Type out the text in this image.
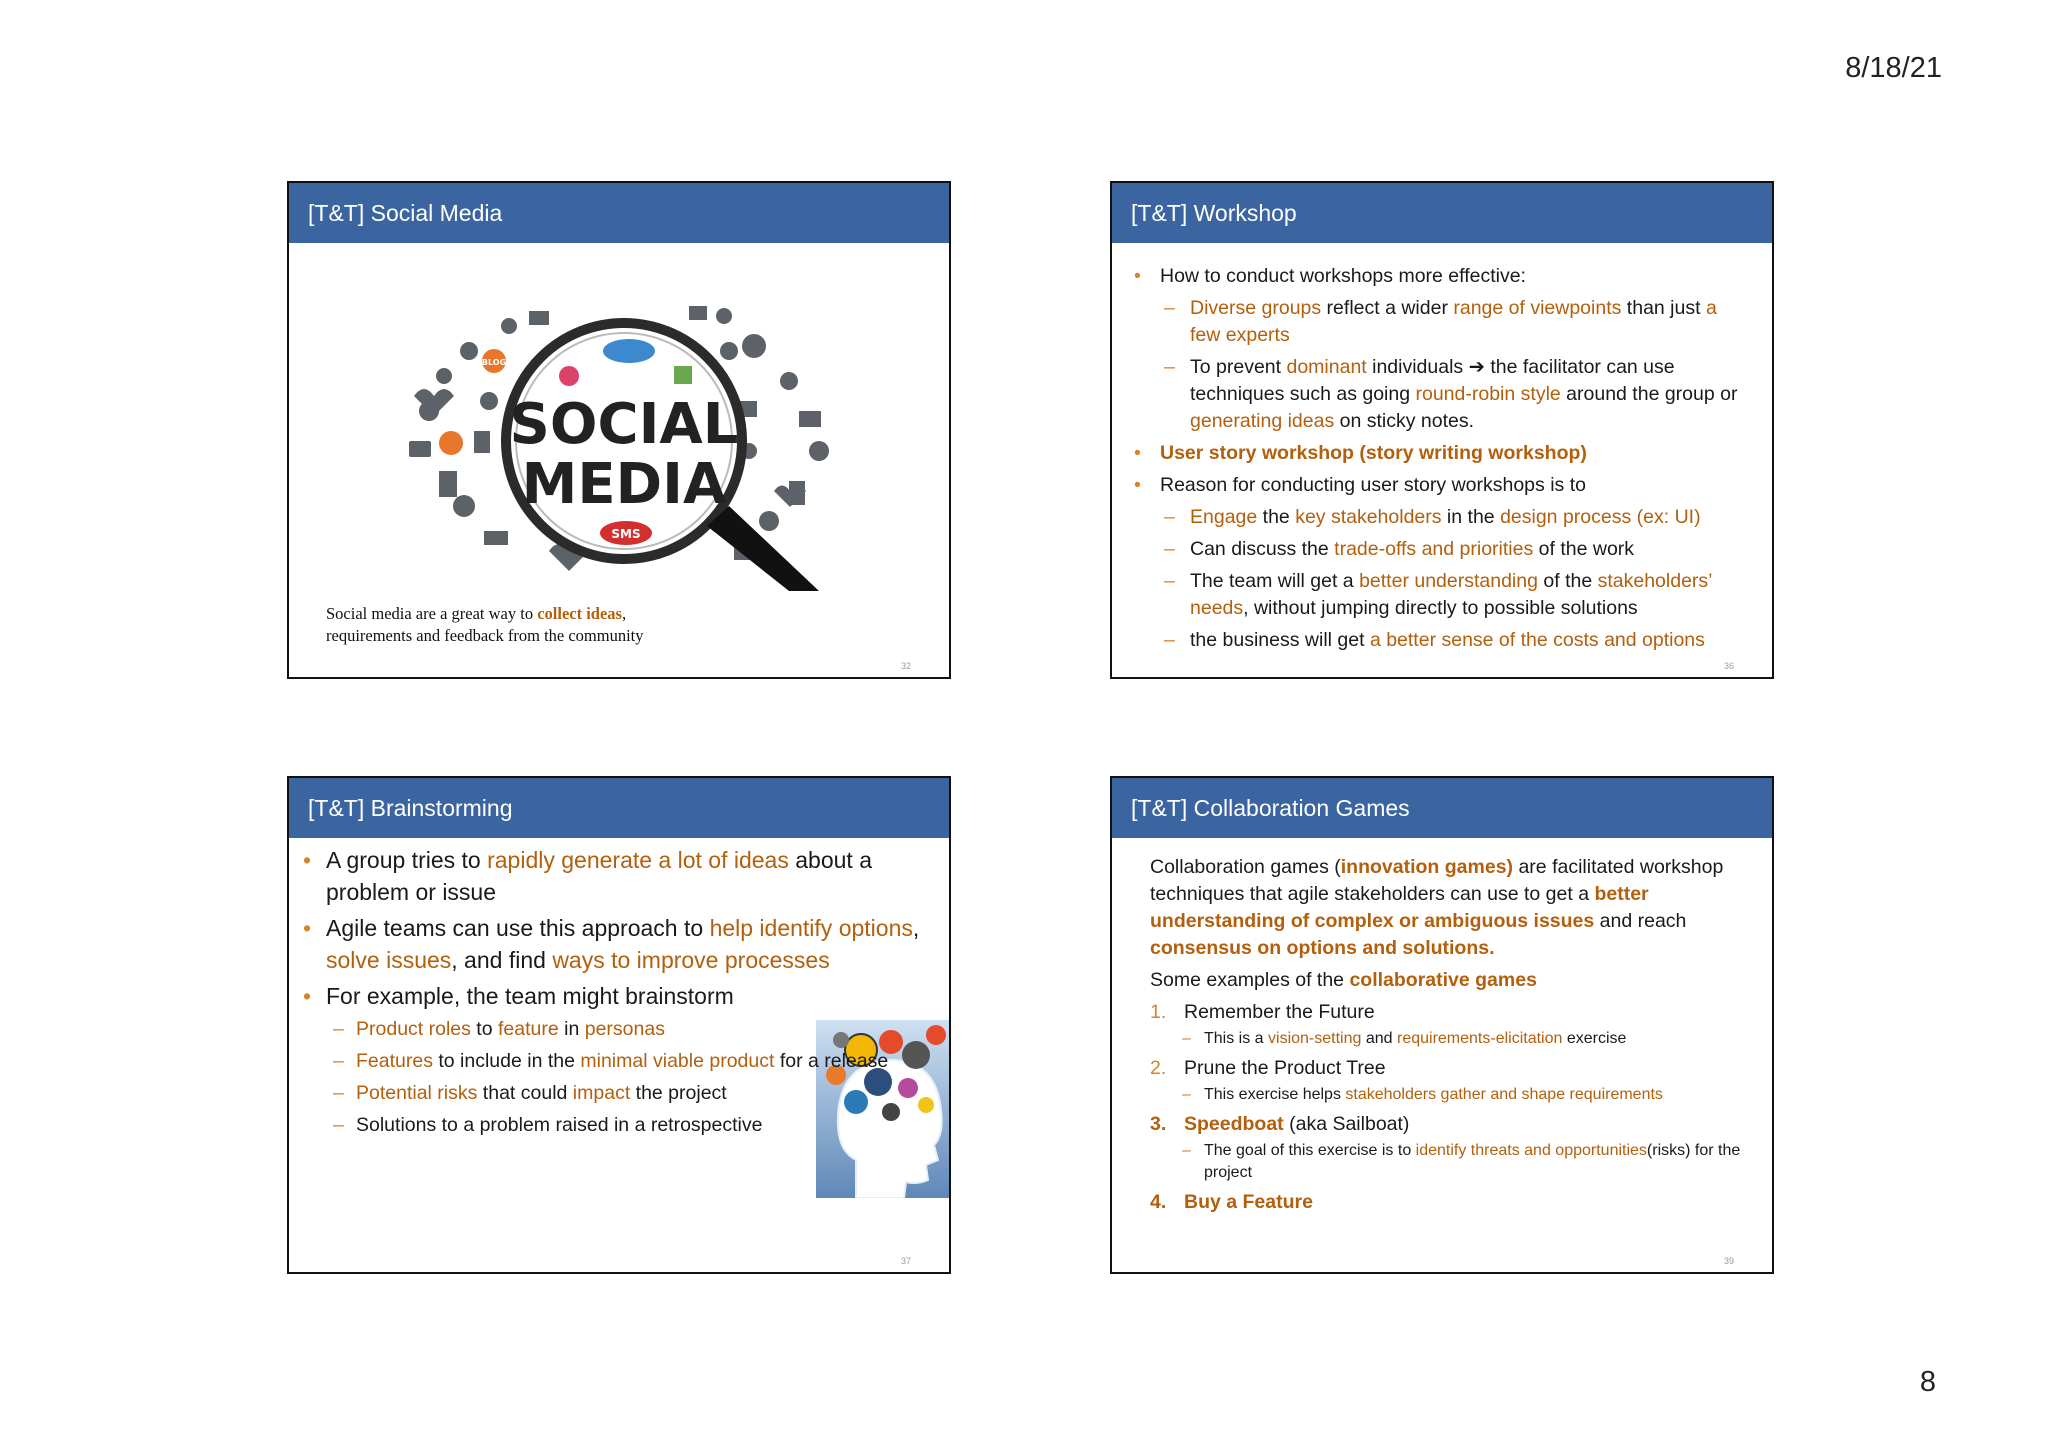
8/18/21
[T&T] Social Media
SOCIAL
MEDIA
SMS
BLOG
Social media are a great way to collect ideas,
requirements and feedback from the community
32
[T&T] Workshop
• How to conduct workshops more effective:
– Diverse groups reflect a wider range of viewpoints than just a few experts
– To prevent dominant individuals ➔ the facilitator can use techniques such as going round-robin style around the group or generating ideas on sticky notes.
• User story workshop (story writing workshop)
• Reason for conducting user story workshops is to
– Engage the key stakeholders in the design process (ex: UI)
– Can discuss the trade-offs and priorities of the work
– The team will get a better understanding of the stakeholders’ needs, without jumping directly to possible solutions
– the business will get a better sense of the costs and options
36
[T&T] Brainstorming
• A group tries to rapidly generate a lot of ideas about a problem or issue
• Agile teams can use this approach to help identify options, solve issues, and find ways to improve processes
• For example, the team might brainstorm
– Product roles to feature in personas
– Features to include in the minimal viable product for a release
– Potential risks that could impact the project
– Solutions to a problem raised in a retrospective
37
[T&T] Collaboration Games

Collaboration games (innovation games) are facilitated workshop techniques that agile stakeholders can use to get a better understanding of complex or ambiguous issues and reach consensus on options and solutions.

Some examples of the collaborative games

1. Remember the Future
– This is a vision-setting and requirements-elicitation exercise
2. Prune the Product Tree
– This exercise helps stakeholders gather and shape requirements
3. Speedboat (aka Sailboat)
– The goal of this exercise is to identify threats and opportunities(risks) for the project
4. Buy a Feature
39
8
